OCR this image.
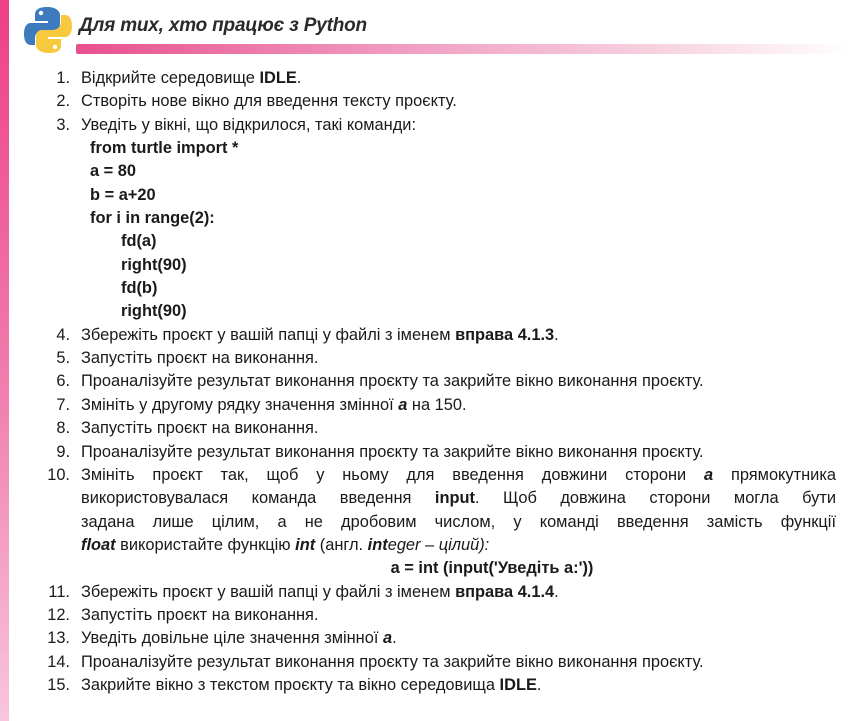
Для тих, хто працює з Python
1. Відкрийте середовище IDLE.
2. Створіть нове вікно для введення тексту проєкту.
3. Уведіть у вікні, що відкрилося, такі команди:
from turtle import *
a = 80
b = a+20
for i in range(2):
fd(a)
right(90)
fd(b)
right(90)
4. Збережіть проєкт у вашій папці у файлі з іменем вправа 4.1.3.
5. Запустіть проєкт на виконання.
6. Проаналізуйте результат виконання проєкту та закрийте вікно виконання проєкту.
7. Змініть у другому рядку значення змінної a на 150.
8. Запустіть проєкт на виконання.
9. Проаналізуйте результат виконання проєкту та закрийте вікно виконання проєкту.
10. Змініть проєкт так, щоб у ньому для введення довжини сторони a прямокутника
використовувалася команда введення input. Щоб довжина сторони могла бути
задана лише цілим, а не дробовим числом, у команді введення замість функції
float використайте функцію int (англ. integer – цілий):
a = int (input('Уведіть а:'))
11. Збережіть проєкт у вашій папці у файлі з іменем вправа 4.1.4.
12. Запустіть проєкт на виконання.
13. Уведіть довільне ціле значення змінної a.
14. Проаналізуйте результат виконання проєкту та закрийте вікно виконання проєкту.
15. Закрийте вікно з текстом проєкту та вікно середовища IDLE.
